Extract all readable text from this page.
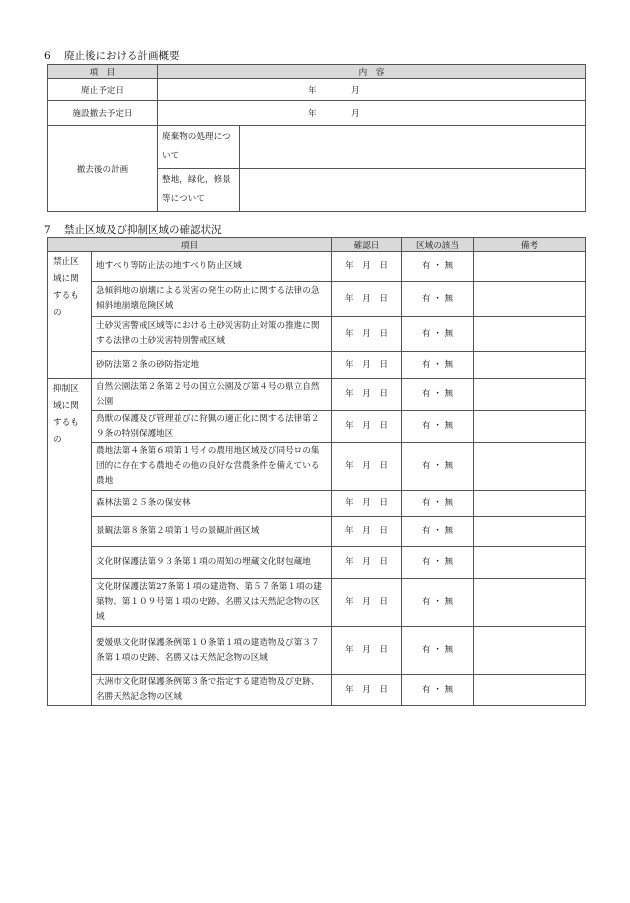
6 廃止後における計画概要
項　目	内　容	
廃止予定日	年　　　　月	
施設撤去予定日	年　　　　月	
撤去後の計画	廃棄物の処理について	
	整地，緑化，修景等について	
7 禁止区域及び抑制区域の確認状況
項目		確認日	区域の該当	備考
禁止区域に関するもの	地すべり等防止法の地すべり防止区域	年　月　日	有 ・ 無	
	急傾斜地の崩壊による災害の発生の防止に関する法律の急傾斜地崩壊危険区域	年　月　日	有 ・ 無	
	土砂災害警戒区域等における土砂災害防止対策の推進に関する法律の土砂災害特別警戒区域	年　月　日	有 ・ 無	
	砂防法第２条の砂防指定地	年　月　日	有 ・ 無	
抑制区域に関するもの	自然公園法第２条第２号の国立公園及び第４号の県立自然公園	年　月　日	有 ・ 無	
	鳥獣の保護及び管理並びに狩猟の適正化に関する法律第２９条の特別保護地区	年　月　日	有 ・ 無	
	農地法第４条第６項第１号イの農用地区域及び同号ロの集団的に存在する農地その他の良好な営農条件を備えている農地	年　月　日	有 ・ 無	
	森林法第２５条の保安林	年　月　日	有 ・ 無	
	景観法第８条第２項第１号の景観計画区域	年　月　日	有 ・ 無	
	文化財保護法第９３条第１項の周知の埋蔵文化財包蔵地	年　月　日	有 ・ 無	
	文化財保護法第27条第１項の建造物、第５７条第１項の建築物、第１０９号第１項の史跡、名勝又は天然記念物の区域	年　月　日	有 ・ 無	
	愛媛県文化財保護条例第１０条第１項の建造物及び第３７条第１項の史跡、名勝又は天然記念物の区域	年　月　日	有 ・ 無	
	大洲市文化財保護条例第３条で指定する建造物及び史跡、名勝天然記念物の区域	年　月　日	有 ・ 無	
